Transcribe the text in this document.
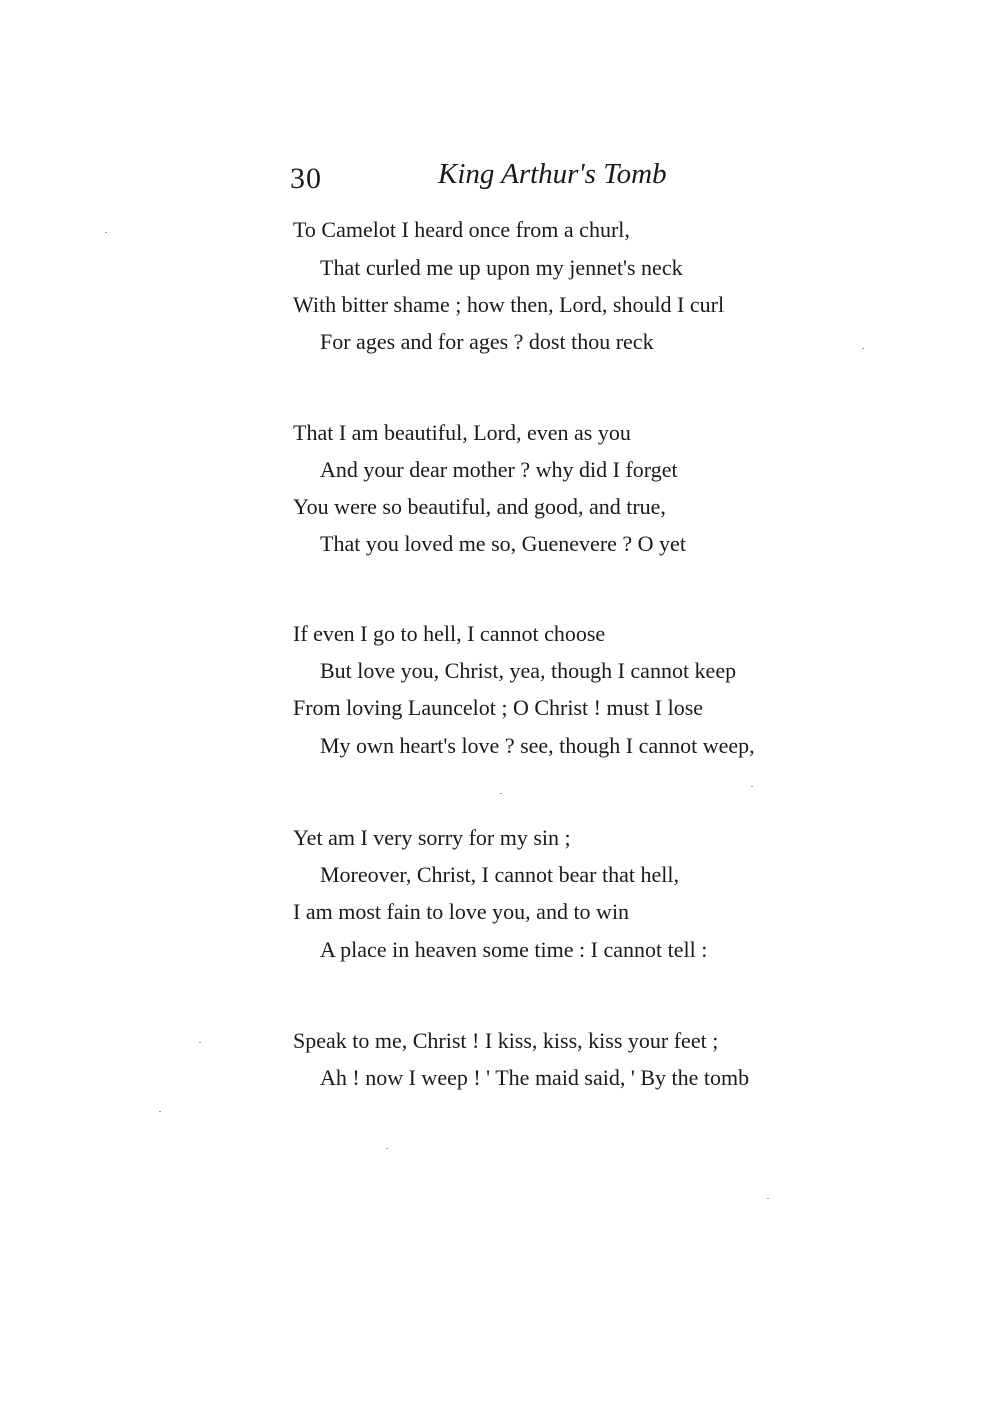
30	King Arthur's Tomb
To Camelot I heard once from a churl,
That curled me up upon my jennet's neck
With bitter shame ; how then, Lord, should I curl
For ages and for ages ? dost thou reck
That I am beautiful, Lord, even as you
And your dear mother ? why did I forget
You were so beautiful, and good, and true,
That you loved me so, Guenevere ? O yet
If even I go to hell, I cannot choose
But love you, Christ, yea, though I cannot keep
From loving Launcelot ; O Christ ! must I lose
My own heart's love ? see, though I cannot weep,
Yet am I very sorry for my sin ;
Moreover, Christ, I cannot bear that hell,
I am most fain to love you, and to win
A place in heaven some time : I cannot tell :
Speak to me, Christ ! I kiss, kiss, kiss your feet ;
Ah ! now I weep ! ' The maid said, ' By the tomb
